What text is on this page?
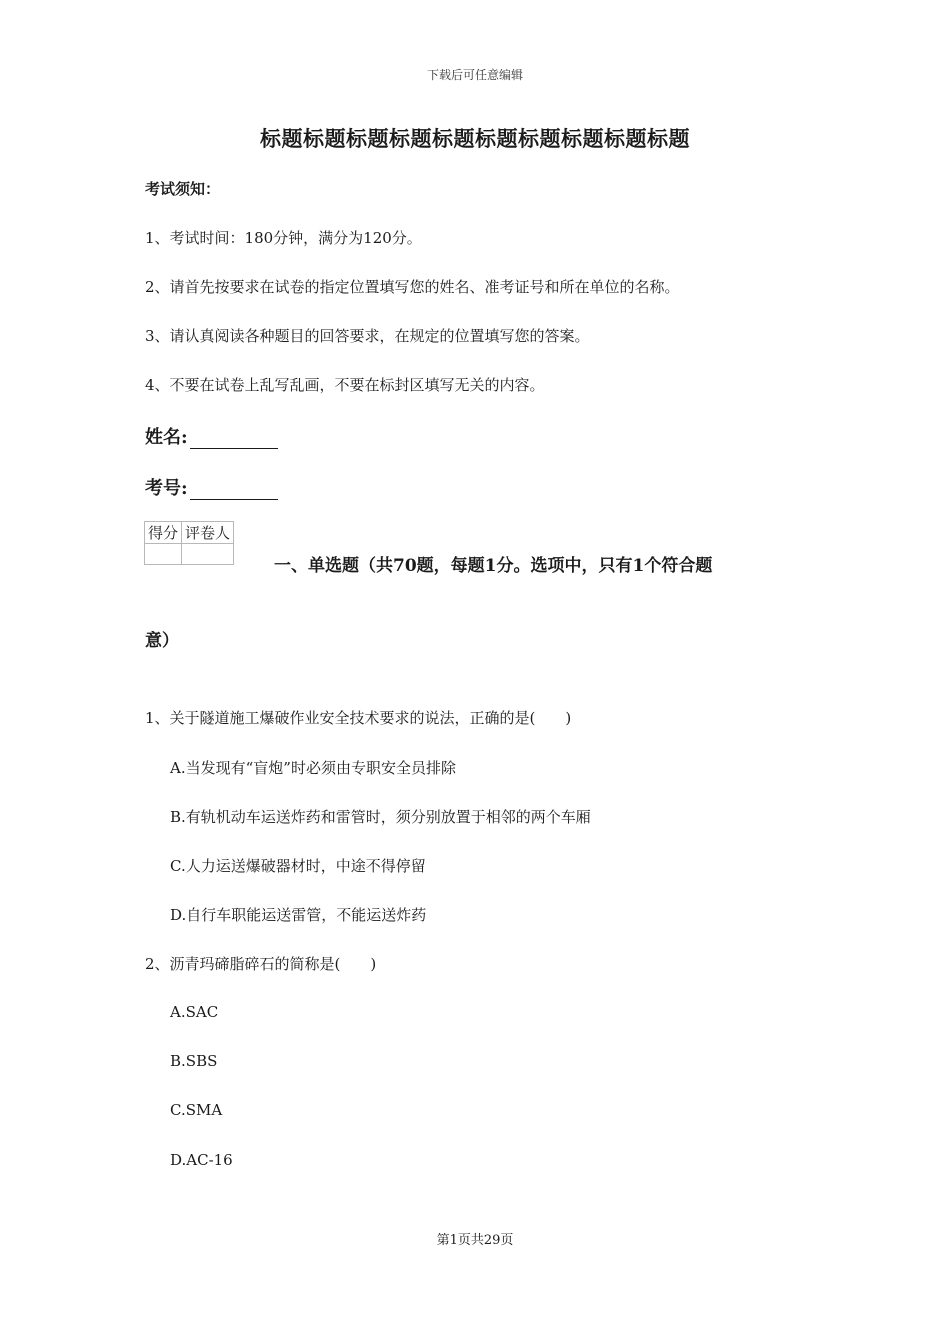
下载后可任意编辑
标题标题标题标题标题标题标题标题标题标题
考试须知：
1、考试时间：180分钟，满分为120分。
2、请首先按要求在试卷的指定位置填写您的姓名、准考证号和所在单位的名称。
3、请认真阅读各种题目的回答要求，在规定的位置填写您的答案。
4、不要在试卷上乱写乱画，不要在标封区填写无关的内容。
姓名:
考号:
得分	评卷人

一、单选题（共70题，每题1分。选项中，只有1个符合题
意）
1、关于隧道施工爆破作业安全技术要求的说法，正确的是(　　)
A.当发现有“盲炮”时必须由专职安全员排除
B.有轨机动车运送炸药和雷管时，须分别放置于相邻的两个车厢
C.人力运送爆破器材时，中途不得停留
D.自行车职能运送雷管，不能运送炸药
2、沥青玛碲脂碎石的简称是(　　)
A.SAC
B.SBS
C.SMA
D.AC-16
第1页共29页
